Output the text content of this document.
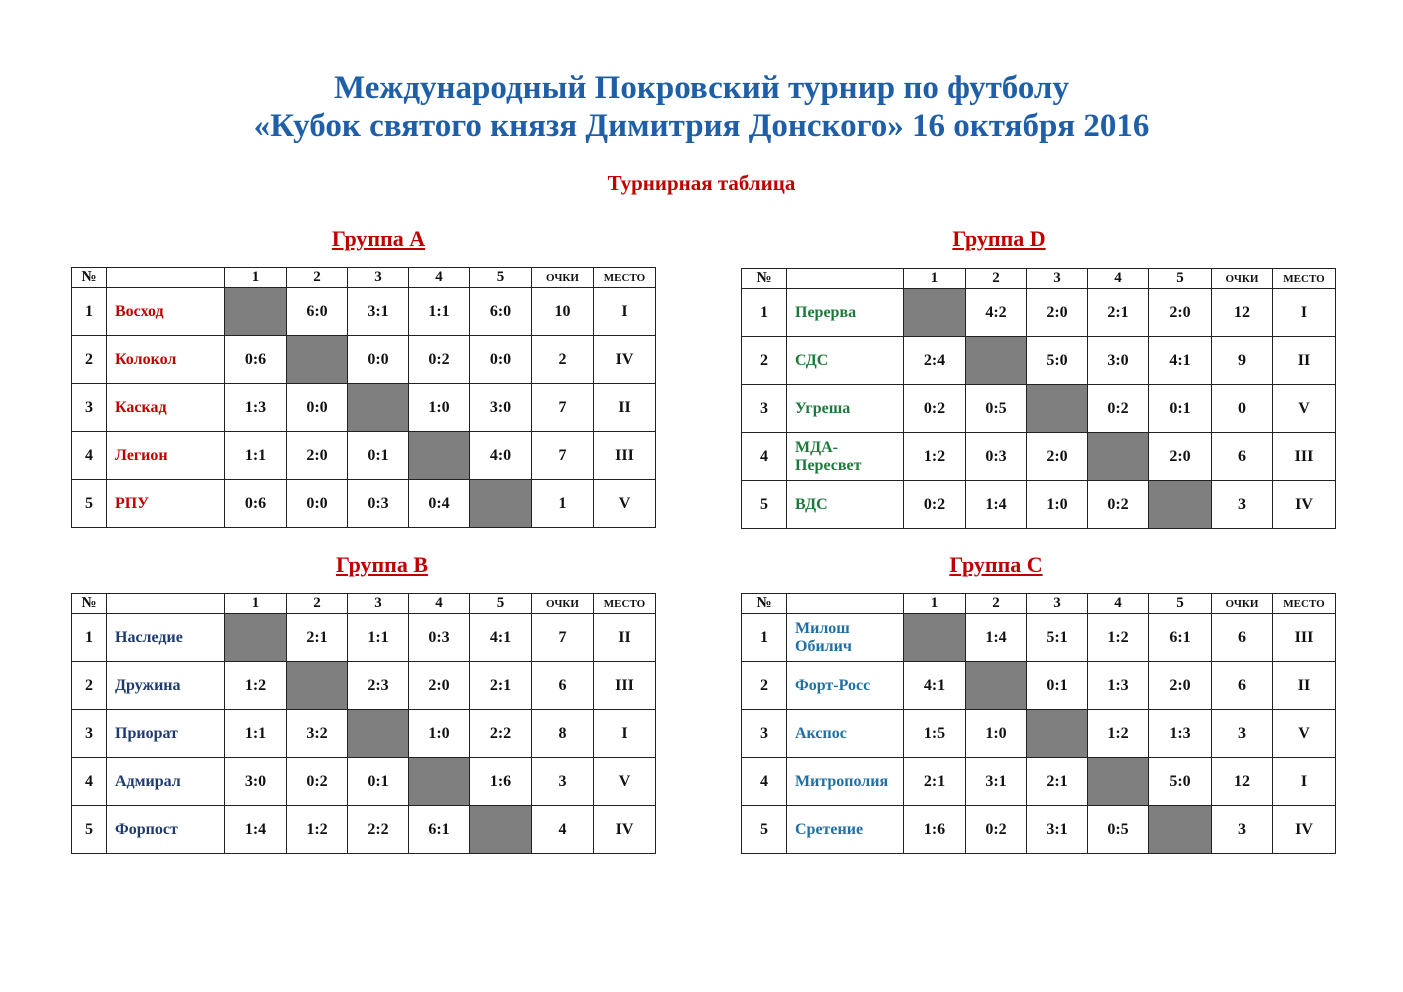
Международный Покровский турнир по футболу
«Кубок святого князя Димитрия Донского» 16 октября 2016
Турнирная таблица
Группа А
№		1	2	3	4	5	ОЧКИ	МЕСТО
1	Восход		6:0	3:1	1:1	6:0	10	I
2	Колокол	0:6		0:0	0:2	0:0	2	IV
3	Каскад	1:3	0:0		1:0	3:0	7	II
4	Легион	1:1	2:0	0:1		4:0	7	III
5	РПУ	0:6	0:0	0:3	0:4		1	V
Группа D
№		1	2	3	4	5	ОЧКИ	МЕСТО
1	Перерва		4:2	2:0	2:1	2:0	12	I
2	СДС	2:4		5:0	3:0	4:1	9	II
3	Угреша	0:2	0:5		0:2	0:1	0	V
4	МДА-Пересвет	1:2	0:3	2:0		2:0	6	III
5	ВДС	0:2	1:4	1:0	0:2		3	IV
Группа В
№		1	2	3	4	5	ОЧКИ	МЕСТО
1	Наследие		2:1	1:1	0:3	4:1	7	II
2	Дружина	1:2		2:3	2:0	2:1	6	III
3	Приорат	1:1	3:2		1:0	2:2	8	I
4	Адмирал	3:0	0:2	0:1		1:6	3	V
5	Форпост	1:4	1:2	2:2	6:1		4	IV
Группа С
№		1	2	3	4	5	ОЧКИ	МЕСТО
1	Милош Обилич		1:4	5:1	1:2	6:1	6	III
2	Форт-Росс	4:1		0:1	1:3	2:0	6	II
3	Акспос	1:5	1:0		1:2	1:3	3	V
4	Митрополия	2:1	3:1	2:1		5:0	12	I
5	Сретение	1:6	0:2	3:1	0:5		3	IV
